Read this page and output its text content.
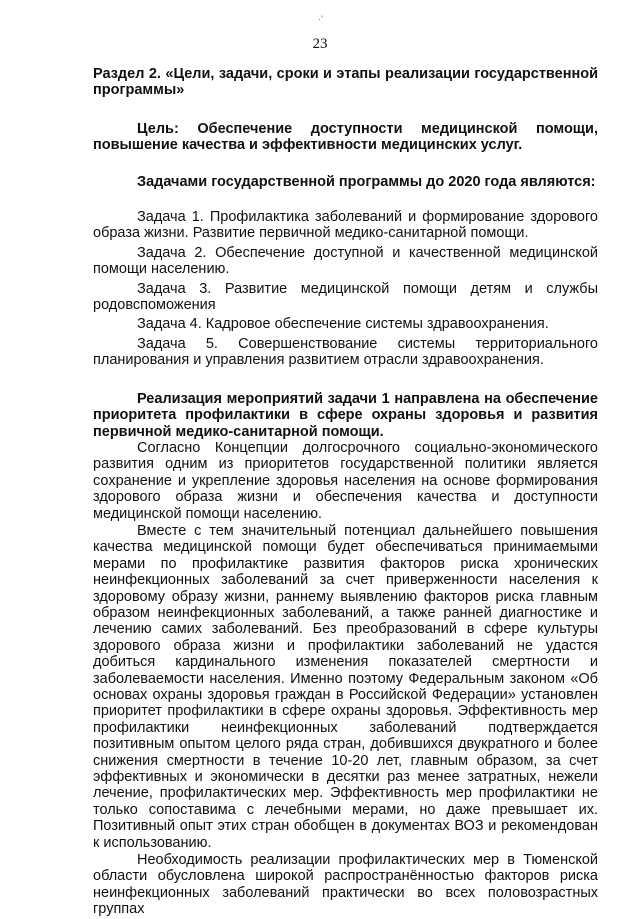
·’
23

Раздел 2. «Цели, задачи, сроки и этапы реализации государственной программы»

Цель: Обеспечение доступности медицинской помощи, повышение качества и эффективности медицинских услуг.

Задачами государственной программы до 2020 года являются:

Задача 1. Профилактика заболеваний и формирование здорового образа жизни. Развитие первичной медико-санитарной помощи.

Задача 2. Обеспечение доступной и качественной медицинской помощи населению.

Задача 3. Развитие медицинской помощи детям и службы родовспоможения

Задача 4. Кадровое обеспечение системы здравоохранения.

Задача 5. Совершенствование системы территориального планирования и управления развитием отрасли здравоохранения.

Реализация мероприятий задачи 1 направлена на обеспечение приоритета профилактики в сфере охраны здоровья и развития первичной медико-санитарной помощи.

Согласно Концепции долгосрочного социально-экономического развития одним из приоритетов государственной политики является сохранение и укрепление здоровья населения на основе формирования здорового образа жизни и обеспечения качества и доступности медицинской помощи населению.

Вместе с тем значительный потенциал дальнейшего повышения качества медицинской помощи будет обеспечиваться принимаемыми мерами по профилактике развития факторов риска хронических неинфекционных заболеваний за счет приверженности населения к здоровому образу жизни, раннему выявлению факторов риска главным образом неинфекционных заболеваний, а также ранней диагностике и лечению самих заболеваний. Без преобразований в сфере культуры здорового образа жизни и профилактики заболеваний не удастся добиться кардинального изменения показателей смертности и заболеваемости населения. Именно поэтому Федеральным законом «Об основах охраны здоровья граждан в Российской Федерации» установлен приоритет профилактики в сфере охраны здоровья. Эффективность мер профилактики неинфекционных заболеваний подтверждается позитивным опытом целого ряда стран, добившихся двукратного и более снижения смертности в течение 10-20 лет, главным образом, за счет эффективных и экономически в десятки раз менее затратных, нежели лечение, профилактических мер. Эффективность мер профилактики не только сопоставима с лечебными мерами, но даже превышает их. Позитивный опыт этих стран обобщен в документах ВОЗ и рекомендован к использованию.

Необходимость реализации профилактических мер в Тюменской области обусловлена широкой распространённостью факторов риска неинфекционных заболеваний практически во всех половозрастных группах
